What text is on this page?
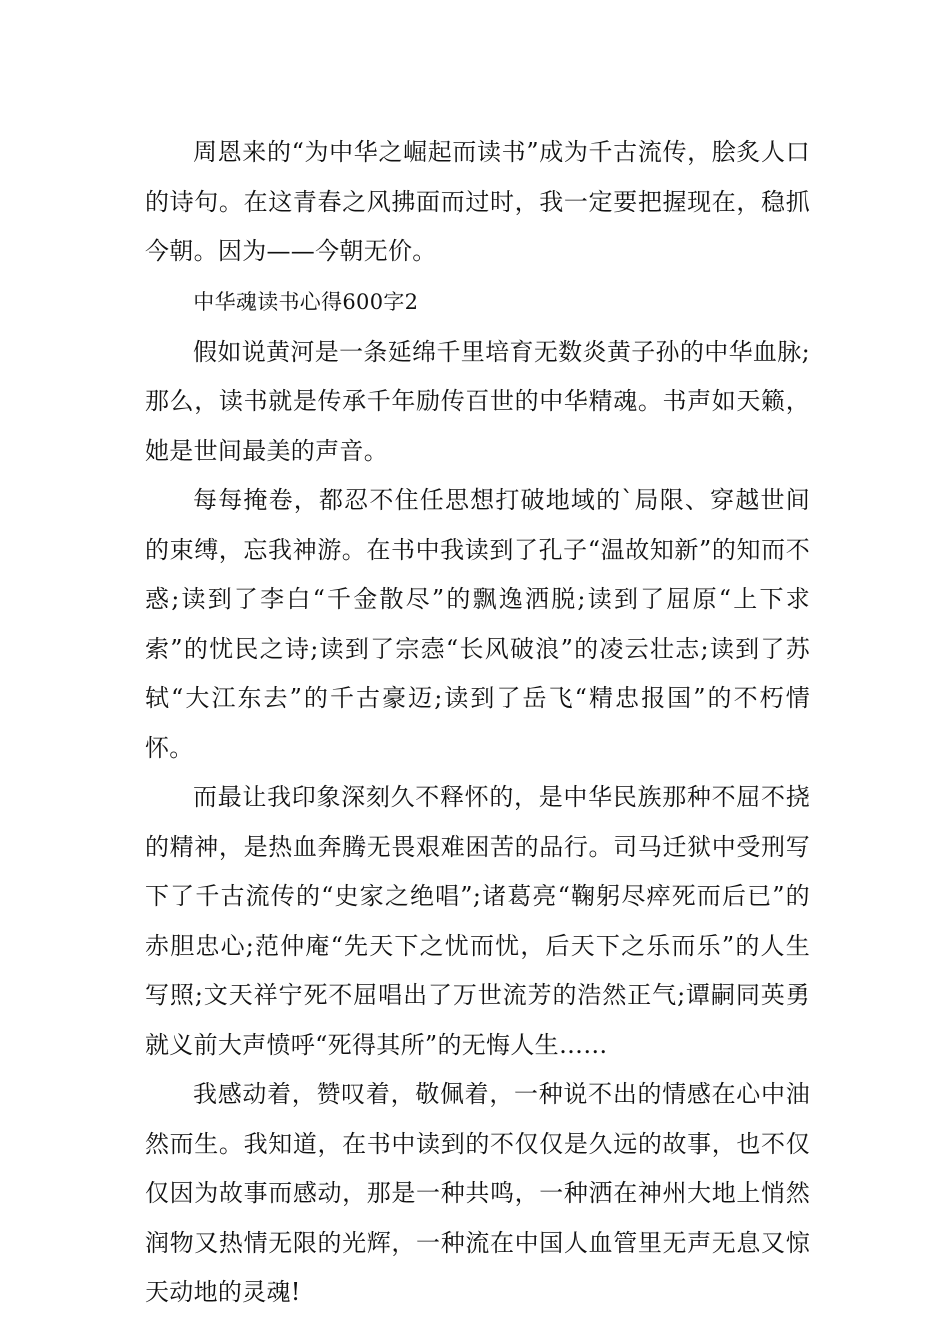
周恩来的“为中华之崛起而读书”成为千古流传，脍炙人口的诗句。在这青春之风拂面而过时，我一定要把握现在，稳抓今朝。因为——今朝无价。

中华魂读书心得600字2

假如说黄河是一条延绵千里培育无数炎黄子孙的中华血脉;那么，读书就是传承千年励传百世的中华精魂。书声如天籁，她是世间最美的声音。

每每掩卷，都忍不住任思想打破地域的`局限、穿越世间的束缚，忘我神游。在书中我读到了孔子“温故知新”的知而不惑;读到了李白“千金散尽”的飘逸洒脱;读到了屈原“上下求索”的忧民之诗;读到了宗悫“长风破浪”的凌云壮志;读到了苏轼“大江东去”的千古豪迈;读到了岳飞“精忠报国”的不朽情怀。

而最让我印象深刻久不释怀的，是中华民族那种不屈不挠的精神，是热血奔腾无畏艰难困苦的品行。司马迁狱中受刑写下了千古流传的“史家之绝唱”;诸葛亮“鞠躬尽瘁死而后已”的赤胆忠心;范仲庵“先天下之忧而忧，后天下之乐而乐”的人生写照;文天祥宁死不屈唱出了万世流芳的浩然正气;谭嗣同英勇就义前大声愤呼“死得其所”的无悔人生……

我感动着，赞叹着，敬佩着，一种说不出的情感在心中油然而生。我知道，在书中读到的不仅仅是久远的故事，也不仅仅因为故事而感动，那是一种共鸣，一种洒在神州大地上悄然润物又热情无限的光辉，一种流在中国人血管里无声无息又惊天动地的灵魂!
